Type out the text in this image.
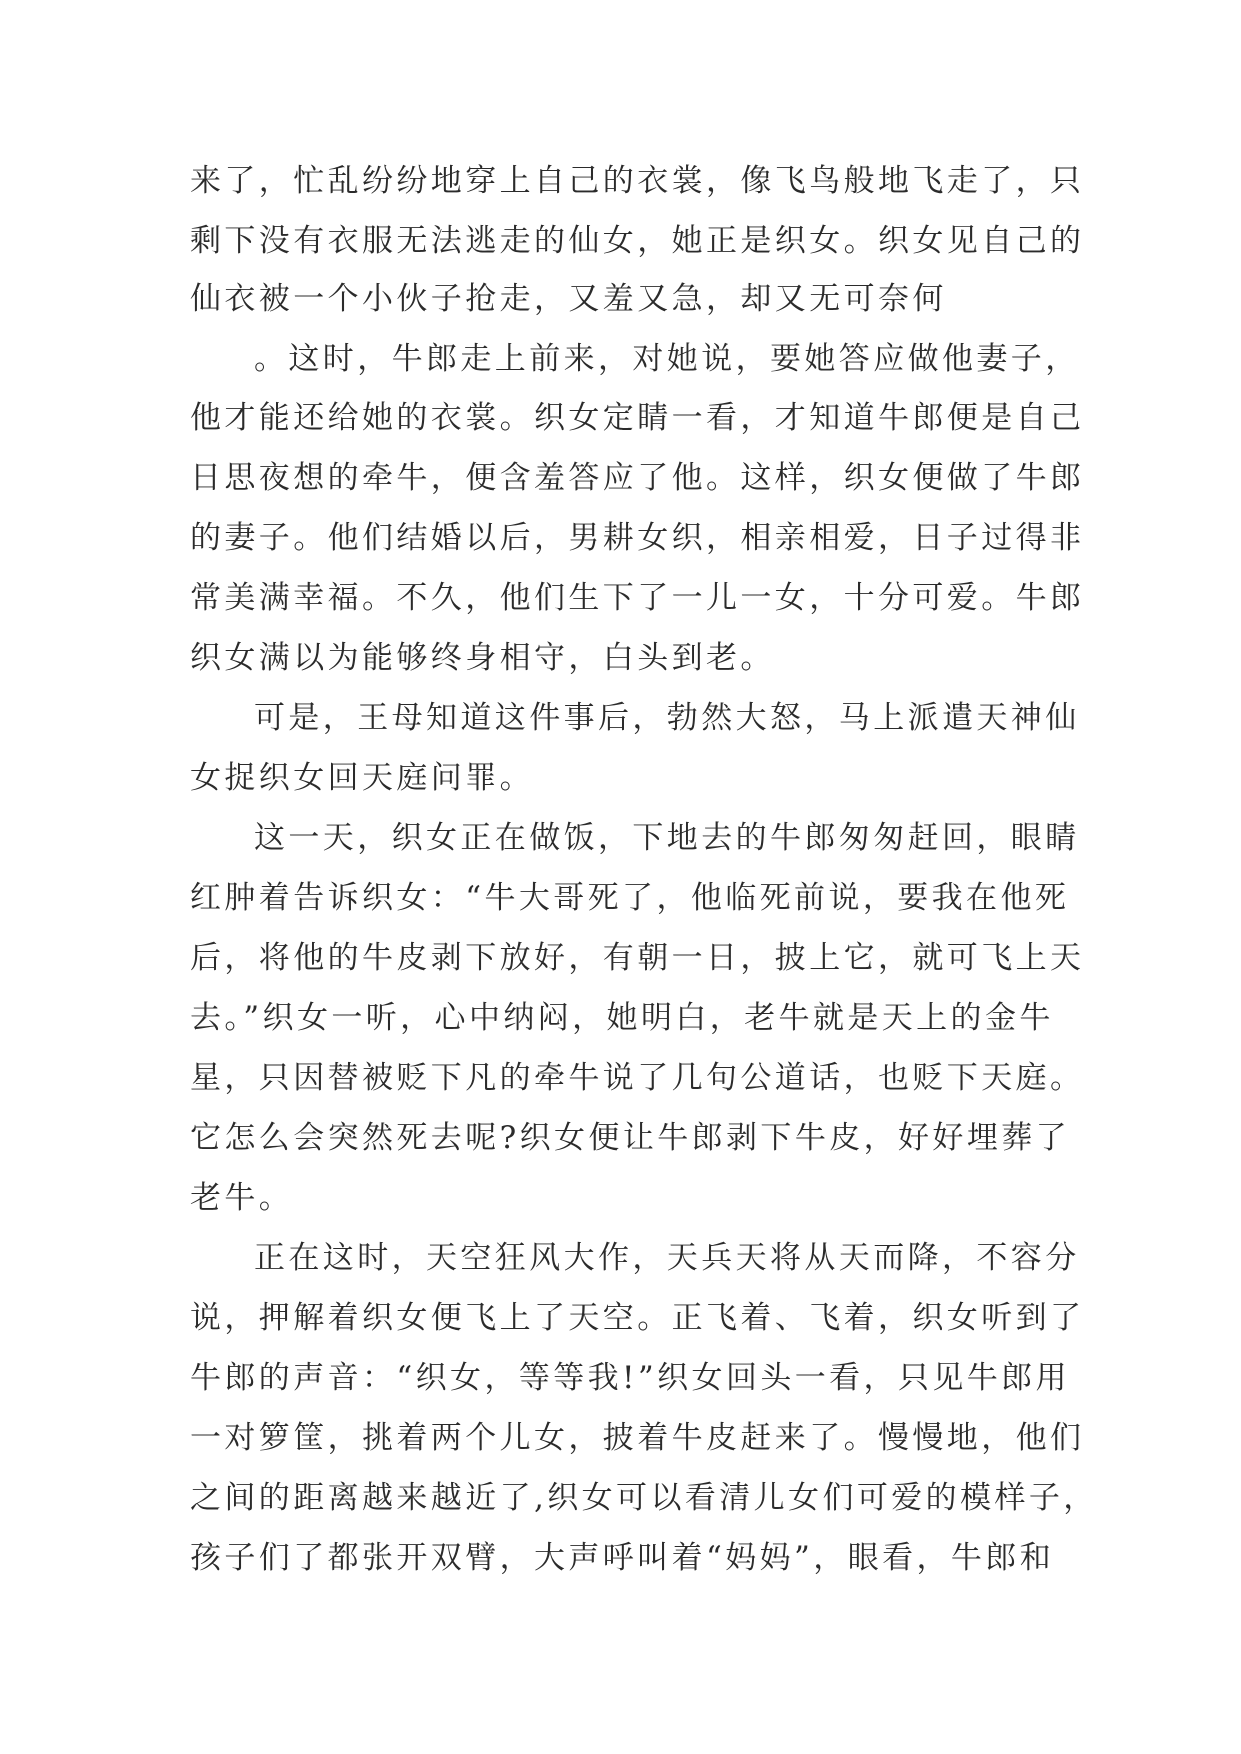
来了，忙乱纷纷地穿上自己的衣裳，像飞鸟般地飞走了，只

剩下没有衣服无法逃走的仙女，她正是织女。织女见自己的

仙衣被一个小伙子抢走，又羞又急，却又无可奈何

。这时，牛郎走上前来，对她说，要她答应做他妻子，

他才能还给她的衣裳。织女定睛一看，才知道牛郎便是自己

日思夜想的牵牛，便含羞答应了他。这样，织女便做了牛郎

的妻子。他们结婚以后，男耕女织，相亲相爱，日子过得非

常美满幸福。不久，他们生下了一儿一女，十分可爱。牛郎

织女满以为能够终身相守，白头到老。

可是，王母知道这件事后，勃然大怒，马上派遣天神仙

女捉织女回天庭问罪。

这一天，织女正在做饭，下地去的牛郎匆匆赶回，眼睛

红肿着告诉织女：“牛大哥死了，他临死前说，要我在他死

后，将他的牛皮剥下放好，有朝一日，披上它，就可飞上天

去。”织女一听，心中纳闷，她明白，老牛就是天上的金牛

星，只因替被贬下凡的牵牛说了几句公道话，也贬下天庭。

它怎么会突然死去呢?织女便让牛郎剥下牛皮，好好埋葬了

老牛。

正在这时，天空狂风大作，天兵天将从天而降，不容分

说，押解着织女便飞上了天空。正飞着、飞着，织女听到了

牛郎的声音：“织女，等等我!”织女回头一看，只见牛郎用

一对箩筐，挑着两个儿女，披着牛皮赶来了。慢慢地，他们

之间的距离越来越近了,织女可以看清儿女们可爱的模样子，

孩子们了都张开双臂，大声呼叫着“妈妈”，眼看，牛郎和
